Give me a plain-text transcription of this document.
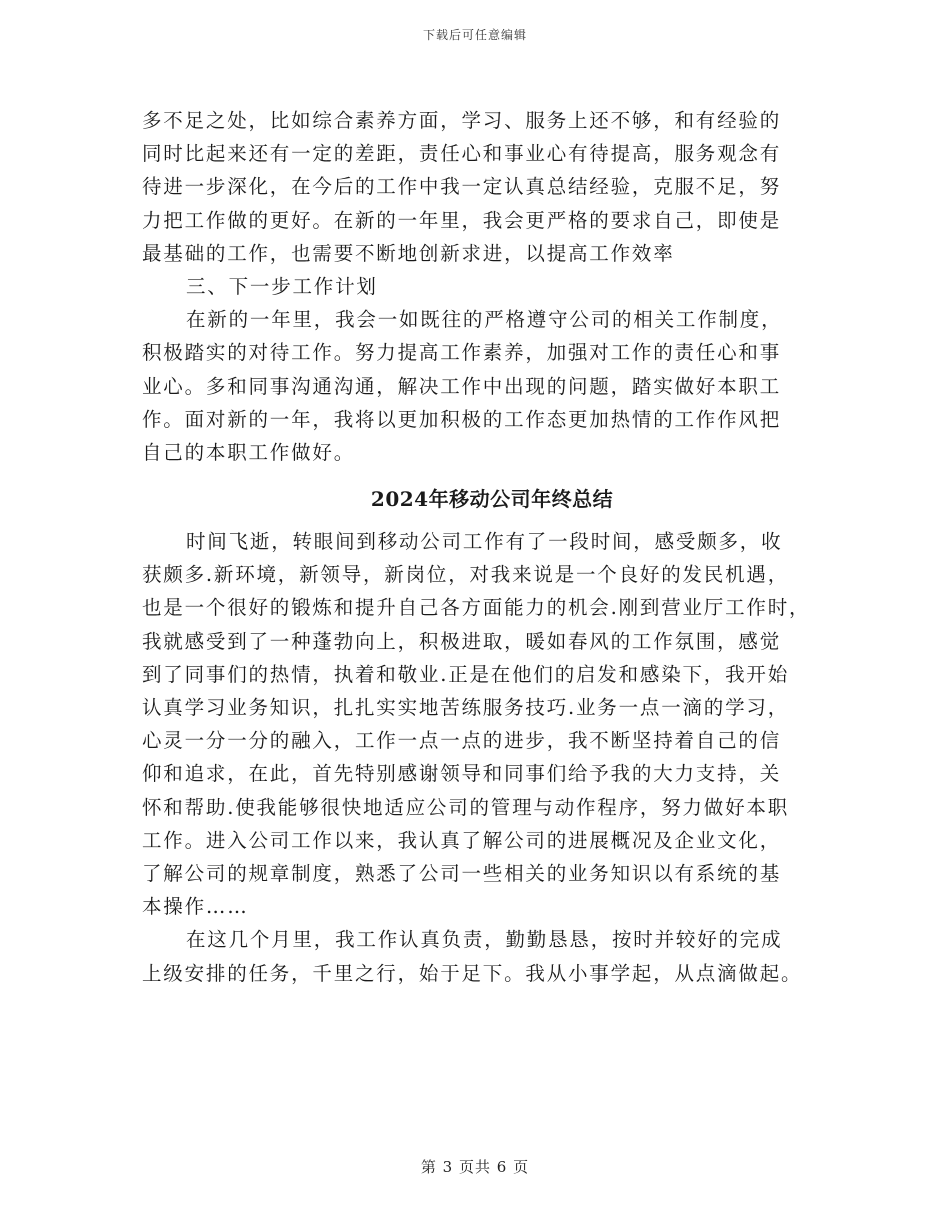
下载后可任意编辑
多不足之处，比如综合素养方面，学习、服务上还不够，和有经验的
同时比起来还有一定的差距，责任心和事业心有待提高，服务观念有
待进一步深化，在今后的工作中我一定认真总结经验，克服不足，努
力把工作做的更好。在新的一年里，我会更严格的要求自己，即使是
最基础的工作，也需要不断地创新求进，以提高工作效率
三、下一步工作计划
在新的一年里，我会一如既往的严格遵守公司的相关工作制度，
积极踏实的对待工作。努力提高工作素养，加强对工作的责任心和事
业心。多和同事沟通沟通，解决工作中出现的问题，踏实做好本职工
作。面对新的一年，我将以更加积极的工作态更加热情的工作作风把
自己的本职工作做好。
2024年移动公司年终总结
时间飞逝，转眼间到移动公司工作有了一段时间，感受颇多，收
获颇多.新环境，新领导，新岗位，对我来说是一个良好的发民机遇，
也是一个很好的锻炼和提升自己各方面能力的机会.刚到营业厅工作时，
我就感受到了一种蓬勃向上，积极进取，暖如春风的工作氛围，感觉
到了同事们的热情，执着和敬业.正是在他们的启发和感染下，我开始
认真学习业务知识，扎扎实实地苦练服务技巧.业务一点一滴的学习，
心灵一分一分的融入，工作一点一点的进步，我不断坚持着自己的信
仰和追求，在此，首先特别感谢领导和同事们给予我的大力支持，关
怀和帮助.使我能够很快地适应公司的管理与动作程序，努力做好本职
工作。进入公司工作以来，我认真了解公司的进展概况及企业文化，
了解公司的规章制度，熟悉了公司一些相关的业务知识以有系统的基
本操作……
在这几个月里，我工作认真负责，勤勤恳恳，按时并较好的完成
上级安排的任务，千里之行，始于足下。我从小事学起，从点滴做起。
第 3 页共 6 页
